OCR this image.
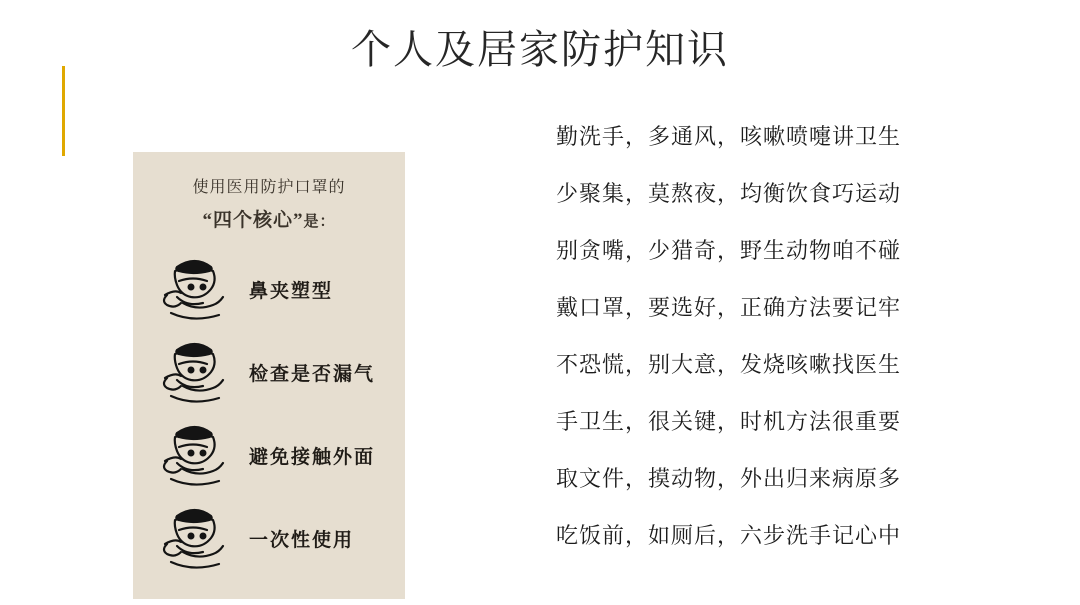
个人及居家防护知识
使用医用防护口罩的
“四个核心”是：
鼻夹塑型
检查是否漏气
避免接触外面
一次性使用
勤洗手，多通风，咳嗽喷嚏讲卫生
少聚集，莫熬夜，均衡饮食巧运动
别贪嘴，少猎奇，野生动物咱不碰
戴口罩，要选好，正确方法要记牢
不恐慌，别大意，发烧咳嗽找医生
手卫生，很关键，时机方法很重要
取文件，摸动物，外出归来病原多
吃饭前，如厕后，六步洗手记心中
